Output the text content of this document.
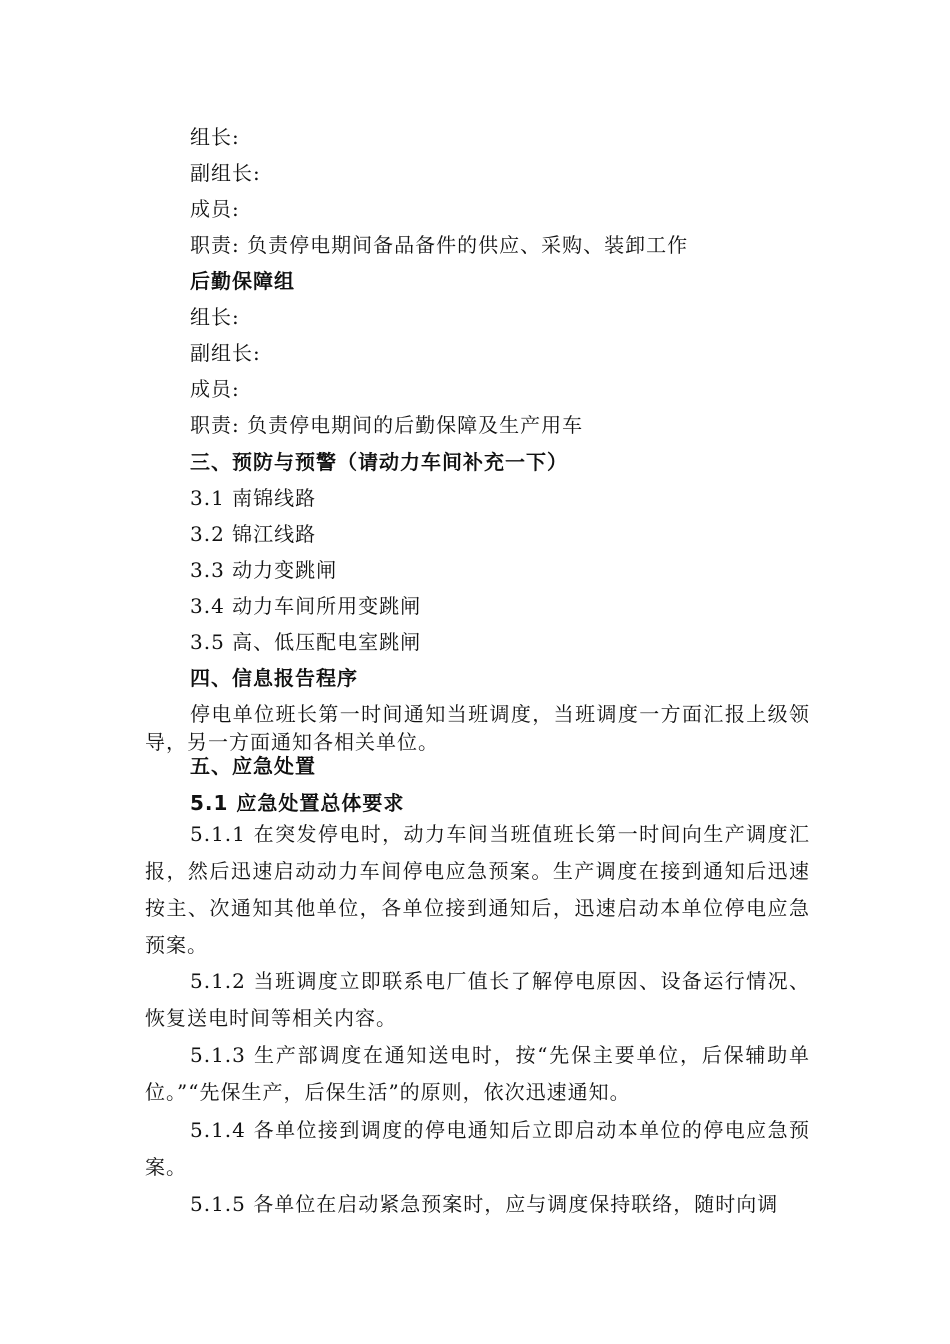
组长:
副组长:
成员:
职责: 负责停电期间备品备件的供应、采购、装卸工作
后勤保障组
组长:
副组长:
成员:
职责: 负责停电期间的后勤保障及生产用车
三、预防与预警（请动力车间补充一下）
3.1 南锦线路
3.2 锦江线路
3.3 动力变跳闸
3.4 动力车间所用变跳闸
3.5 高、低压配电室跳闸
四、信息报告程序
停电单位班长第一时间通知当班调度，当班调度一方面汇报上级领导，另一方面通知各相关单位。
五、应急处置
5.1 应急处置总体要求
5.1.1 在突发停电时，动力车间当班值班长第一时间向生产调度汇报，然后迅速启动动力车间停电应急预案。生产调度在接到通知后迅速按主、次通知其他单位，各单位接到通知后，迅速启动本单位停电应急预案。
5.1.2 当班调度立即联系电厂值长了解停电原因、设备运行情况、恢复送电时间等相关内容。
5.1.3 生产部调度在通知送电时，按“先保主要单位，后保辅助单位。”“先保生产，后保生活”的原则，依次迅速通知。
5.1.4 各单位接到调度的停电通知后立即启动本单位的停电应急预案。
5.1.5 各单位在启动紧急预案时，应与调度保持联络，随时向调
